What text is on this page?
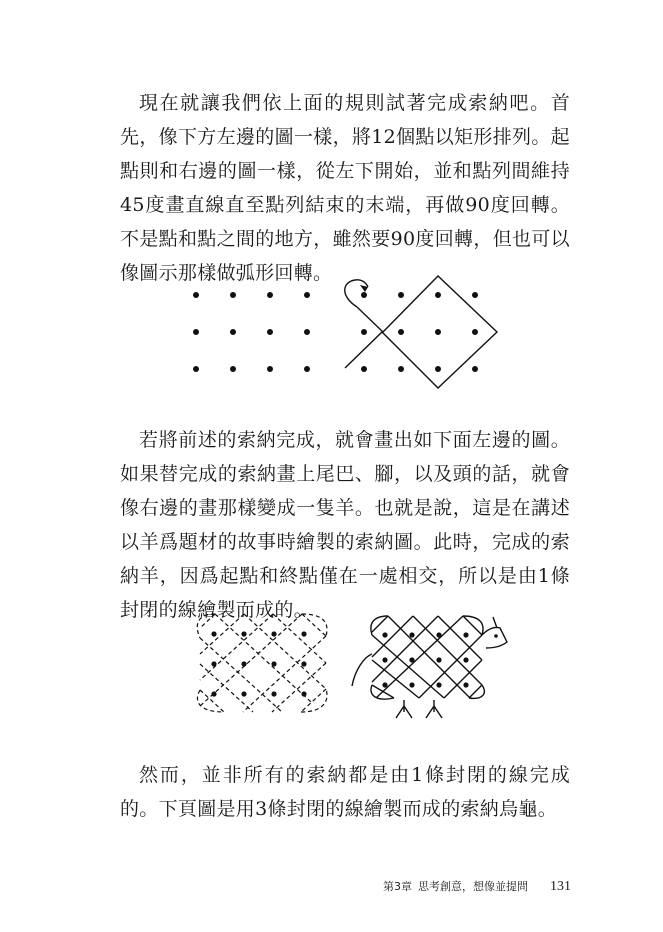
現在就讓我們依上面的規則試著完成索納吧。首先，像下方左邊的圖一樣，將12個點以矩形排列。起點則和右邊的圖一樣，從左下開始，並和點列間維持45度畫直線直至點列結束的末端，再做90度回轉。不是點和點之間的地方，雖然要90度回轉，但也可以像圖示那樣做弧形回轉。

若將前述的索納完成，就會畫出如下面左邊的圖。如果替完成的索納畫上尾巴、腳，以及頭的話，就會像右邊的畫那樣變成一隻羊。也就是說，這是在講述以羊爲題材的故事時繪製的索納圖。此時，完成的索納羊，因爲起點和終點僅在一處相交，所以是由1條封閉的線繪製而成的。

然而，並非所有的索納都是由1條封閉的線完成的。下頁圖是用3條封閉的線繪製而成的索納烏龜。

第3章 思考創意，想像並提問 131
